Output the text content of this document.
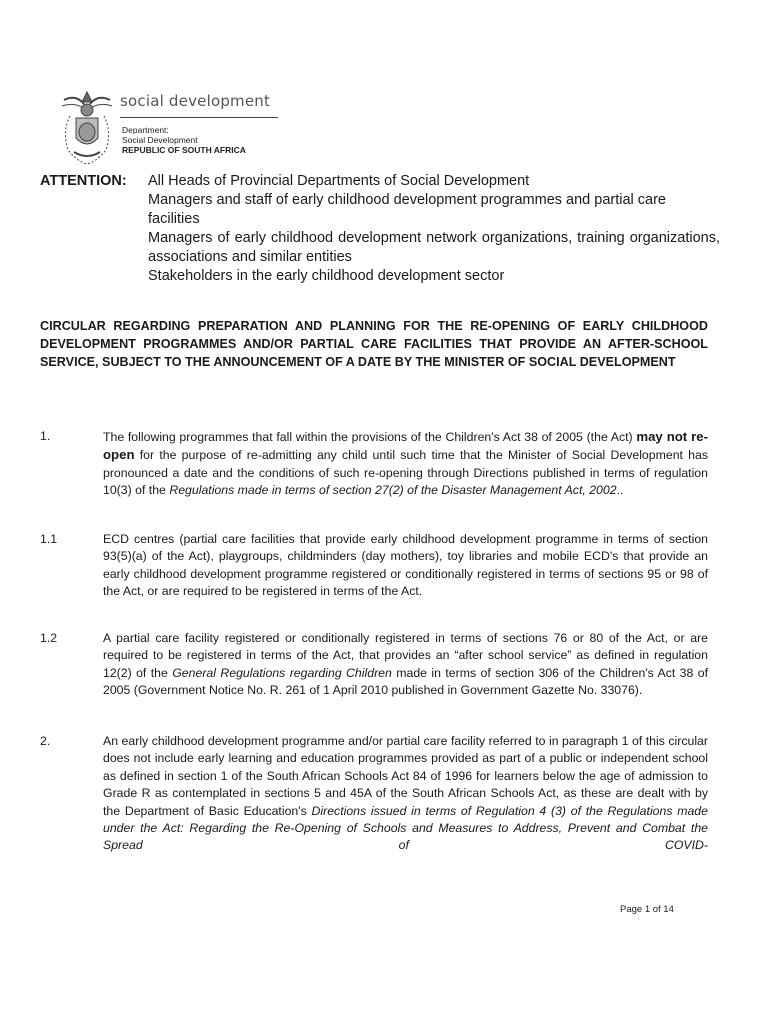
social development
Department:
Social Development
REPUBLIC OF SOUTH AFRICA
ATTENTION: All Heads of Provincial Departments of Social Development
Managers and staff of early childhood development programmes and partial care facilities
Managers of early childhood development network organizations, training organizations, associations and similar entities
Stakeholders in the early childhood development sector
CIRCULAR REGARDING PREPARATION AND PLANNING FOR THE RE-OPENING OF EARLY CHILDHOOD DEVELOPMENT PROGRAMMES AND/OR PARTIAL CARE FACILITIES THAT PROVIDE AN AFTER-SCHOOL SERVICE, SUBJECT TO THE ANNOUNCEMENT OF A DATE BY THE MINISTER OF SOCIAL DEVELOPMENT
1.	The following programmes that fall within the provisions of the Children's Act 38 of 2005 (the Act) may not re-open for the purpose of re-admitting any child until such time that the Minister of Social Development has pronounced a date and the conditions of such re-opening through Directions published in terms of regulation 10(3) of the Regulations made in terms of section 27(2) of the Disaster Management Act, 2002..
1.1	ECD centres (partial care facilities that provide early childhood development programme in terms of section 93(5)(a) of the Act), playgroups, childminders (day mothers), toy libraries and mobile ECD's that provide an early childhood development programme registered or conditionally registered in terms of sections 95 or 98 of the Act, or are required to be registered in terms of the Act.
1.2	A partial care facility registered or conditionally registered in terms of sections 76 or 80 of the Act, or are required to be registered in terms of the Act, that provides an “after school service” as defined in regulation 12(2) of the General Regulations regarding Children made in terms of section 306 of the Children's Act 38 of 2005 (Government Notice No. R. 261 of 1 April 2010 published in Government Gazette No. 33076).
2.	An early childhood development programme and/or partial care facility referred to in paragraph 1 of this circular does not include early learning and education programmes provided as part of a public or independent school as defined in section 1 of the South African Schools Act 84 of 1996 for learners below the age of admission to Grade R as contemplated in sections 5 and 45A of the South African Schools Act, as these are dealt with by the Department of Basic Education's Directions issued in terms of Regulation 4 (3) of the Regulations made under the Act: Regarding the Re-Opening of Schools and Measures to Address, Prevent and Combat the Spread of COVID-
Page 1 of 14
